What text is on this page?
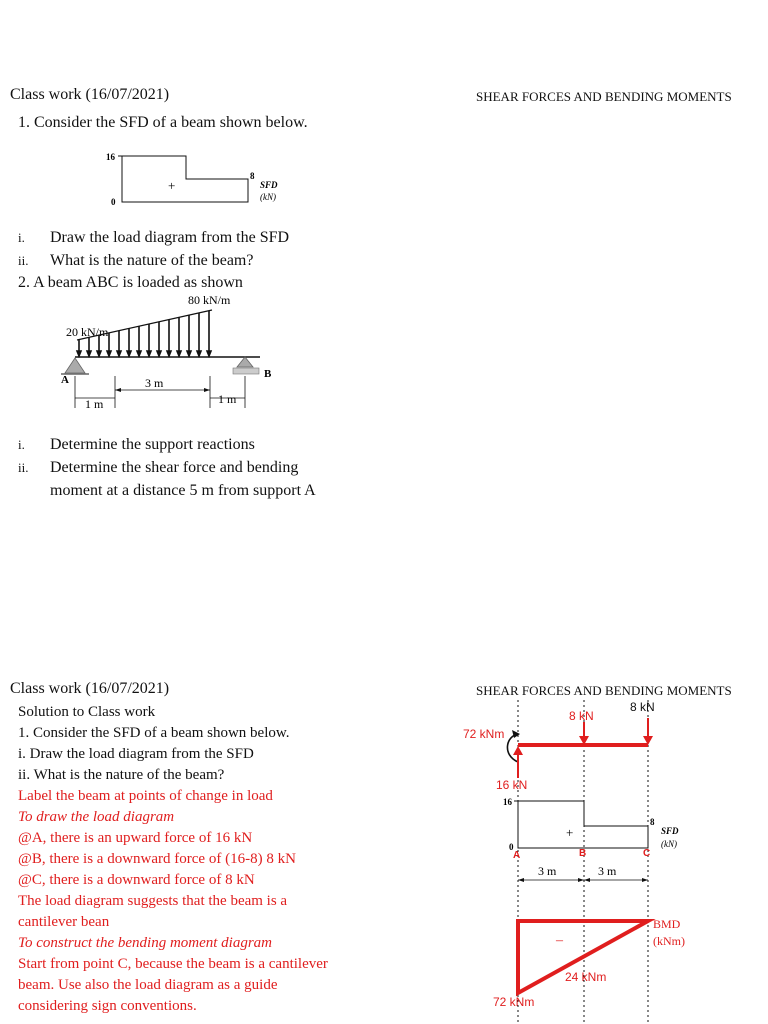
Class work (16/07/2021)	SHEAR FORCES AND BENDING MOMENTS
1. Consider the SFD of a beam shown below.
16
0
+
8
SFD
(kN)
i. Draw the load diagram from the SFD
ii. What is the nature of the beam?
2. A beam ABC is loaded as shown
80 kN/m
20 kN/m
A	B
3 m
1 m	1 m
i. Determine the support reactions
ii. Determine the shear force and bending
moment at a distance 5 m from support A
Class work (16/07/2021)	SHEAR FORCES AND BENDING MOMENTS
Solution to Class work
1. Consider the SFD of a beam shown below.
i. Draw the load diagram from the SFD
ii. What is the nature of the beam?
Label the beam at points of change in load
To draw the load diagram
@A, there is an upward force of 16 kN
@B, there is a downward force of (16-8) 8 kN
@C, there is a downward force of 8 kN
The load diagram suggests that the beam is a
cantilever bean
To construct the bending moment diagram
Start from point C, because the beam is a cantilever
beam. Use also the load diagram as a guide
considering sign conventions.
8 kN
8 kN
72 kNm
16 kN
16
0
+
8
SFD
(kN)
A	B	C
3 m	3 m
–
BMD
(kNm)
24 kNm
72 kNm
